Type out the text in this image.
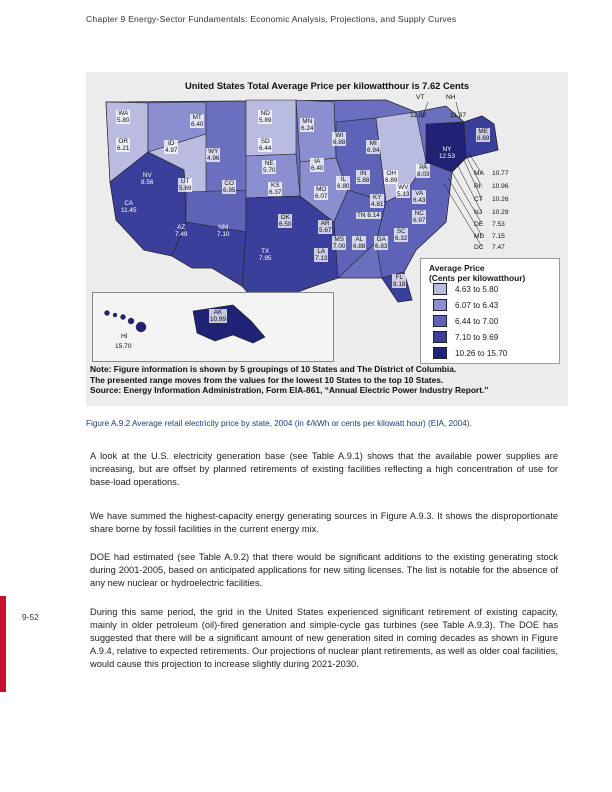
Chapter 9 Energy-Sector Fundamentals: Economic Analysis, Projections, and Supply Curves
United States Total Average Price per kilowatthour is 7.62 Cents
WA
5.80
OR
6.21
CA
11.45
ID
4.97
NV
8.56
MT
6.40
WY
4.96
UT
5.69
AZ
7.49
CO
6.95
NM
7.10
ND
5.89
SD
6.44
NE
5.70
KS
6.37
OK
6.50
TX
7.95
MN
6.24
IA
6.40
MO
6.07
AR
5.67
LA
7.13
WI
6.88
IL
6.80
MI
6.94
IN
5.88
OH
6.89
KY
4.81
TN 6.14
MS
7.00
AL
6.88
GA
6.83
FL
8.18
SC
6.32
NC
6.97
VA
6.43
WV
5.13
PA
8.03
NY
12.53
ME
8.69
VT
11.02
NH
11.37
MA 10.77
RI 10.96
CT 10.26
NJ 10.29
DE 7.53
MD 7.15
DC 7.47
AK
10.99
HI
15.70
Average Price
(Cents per kilowatthour)
4.63 to 5.80
6.07 to 6.43
6.44 to 7.00
7.10 to 9.69
10.26 to 15.70
Note: Figure information is shown by 5 groupings of 10 States and The District of Columbia.
The presented range moves from the values for the lowest 10 States to the top 10 States.
Source: Energy Information Administration, Form EIA-861, “Annual Electric Power Industry Report.”
Figure A.9.2 Average retail electricity price by state, 2004 (in ¢/kWh or cents per kilowatt hour) (EIA, 2004).
A look at the U.S. electricity generation base (see Table A.9.1) shows that the available power supplies are increasing, but are offset by planned retirements of existing facilities reflecting a high concentration of use for base-load operations.
We have summed the highest-capacity energy generating sources in Figure A.9.3. It shows the disproportionate share borne by fossil facilities in the current energy mix.
DOE had estimated (see Table A.9.2) that there would be significant additions to the existing generating stock during 2001-2005, based on anticipated applications for new siting licenses. The list is notable for the absence of any new nuclear or hydroelectric facilities.
During this same period, the grid in the United States experienced significant retirement of existing capacity, mainly in older petroleum (oil)-fired generation and simple-cycle gas turbines (see Table A.9.3). The DOE has suggested that there will be a significant amount of new generation sited in coming decades as shown in Figure A.9.4, relative to expected retirements. Our projections of nuclear plant retirements, as well as older coal facilities, would cause this projection to increase slightly during 2021-2030.
9-52
